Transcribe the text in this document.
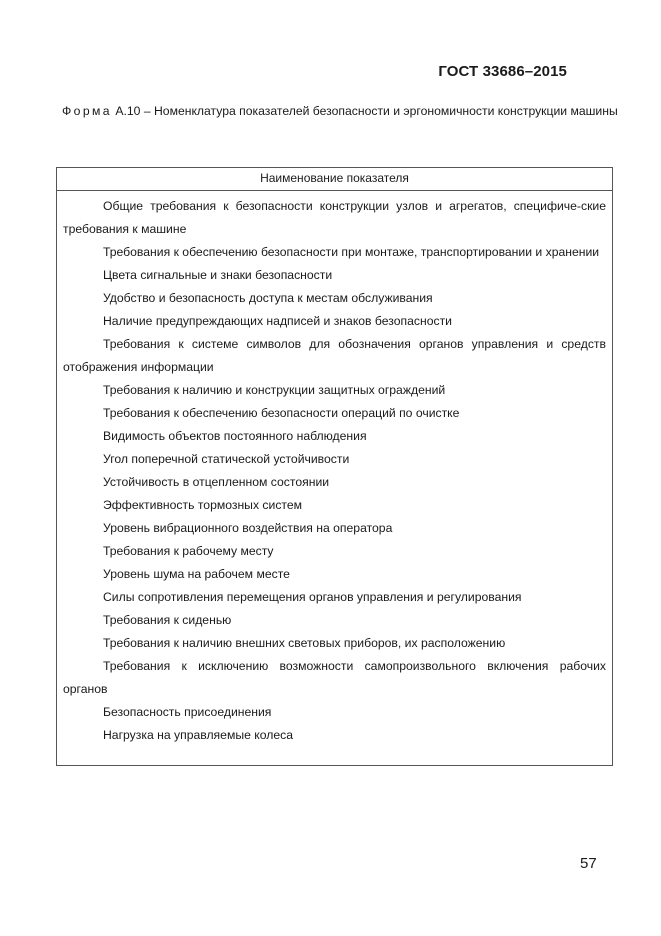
ГОСТ 33686–2015
Форма А.10 – Номенклатура показателей безопасности и эргономичности конструкции машины
Наименование показателя
Общие требования к безопасности конструкции узлов и агрегатов, специфиче-ские требования к машине
Требования к обеспечению безопасности при монтаже, транспортировании и хранении
Цвета сигнальные и знаки безопасности
Удобство и безопасность доступа к местам обслуживания
Наличие предупреждающих надписей и знаков безопасности
Требования к системе символов для обозначения органов управления и средств отображения информации
Требования к наличию и конструкции защитных ограждений
Требования к обеспечению безопасности операций по очистке
Видимость объектов постоянного наблюдения
Угол поперечной статической устойчивости
Устойчивость в отцепленном состоянии
Эффективность тормозных систем
Уровень вибрационного воздействия на оператора
Требования к рабочему месту
Уровень шума на рабочем месте
Силы сопротивления перемещения органов управления и регулирования
Требования к сиденью
Требования к наличию внешних световых приборов, их расположению
Требования к исключению возможности самопроизвольного включения рабочих органов
Безопасность присоединения
Нагрузка на управляемые колеса
57
